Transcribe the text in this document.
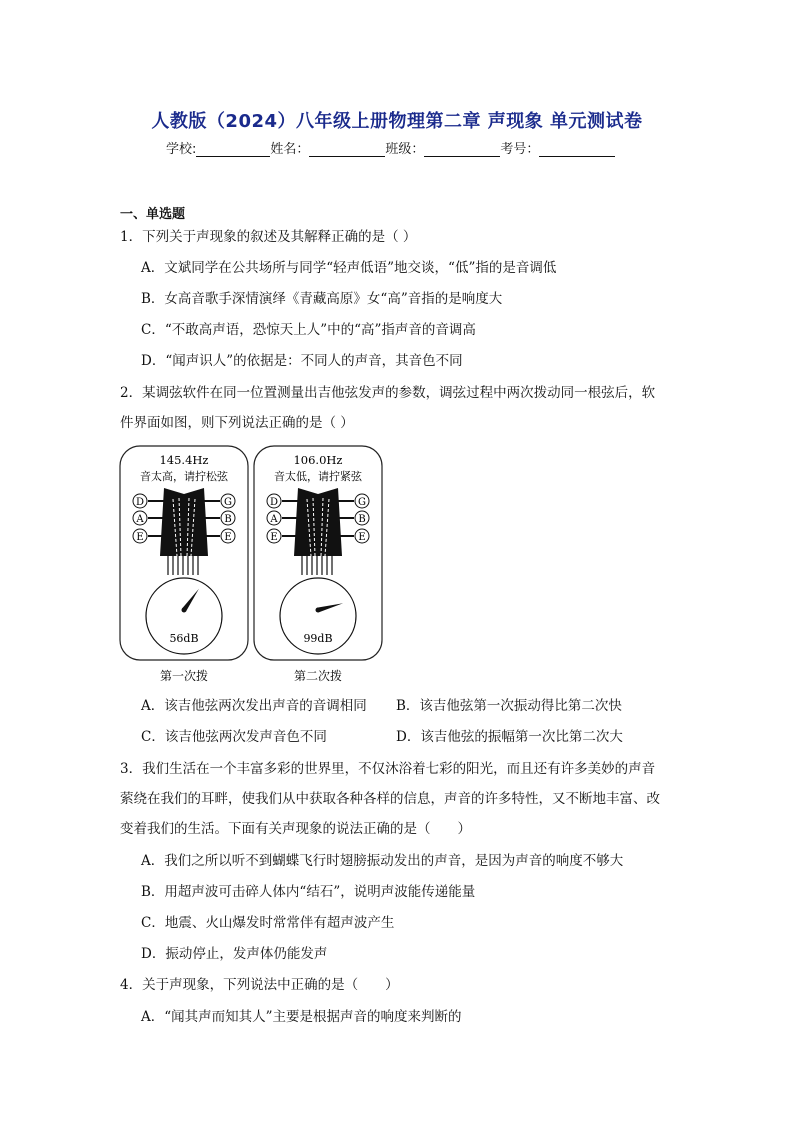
人教版（2024）八年级上册物理第二章 声现象 单元测试卷
学校:	姓名：	班级：	考号：
一、单选题
1．下列关于声现象的叙述及其解释正确的是（ ）
A．文斌同学在公共场所与同学“轻声低语”地交谈，“低”指的是音调低
B．女高音歌手深情演绎《青藏高原》女“高”音指的是响度大
C．“不敢高声语，恐惊天上人”中的“高”指声音的音调高
D．“闻声识人”的依据是：不同人的声音，其音色不同
2．某调弦软件在同一位置测量出吉他弦发声的参数，调弦过程中两次拨动同一根弦后，软
件界面如图，则下列说法正确的是（ ）
145.4Hz
音太高，请拧松弦
D
A
E
G
B
E
56dB
第一次拨
106.0Hz
音太低，请拧紧弦
D
A
E
G
B
E
99dB
第二次拨
A．该吉他弦两次发出声音的音调相同 B．该吉他弦第一次振动得比第二次快
C．该吉他弦两次发声音色不同	D．该吉他弦的振幅第一次比第二次大
3．我们生活在一个丰富多彩的世界里，不仅沐浴着七彩的阳光，而且还有许多美妙的声音
萦绕在我们的耳畔，使我们从中获取各种各样的信息，声音的许多特性，又不断地丰富、改
变着我们的生活。下面有关声现象的说法正确的是（　　）
A．我们之所以听不到蝴蝶飞行时翅膀振动发出的声音，是因为声音的响度不够大
B．用超声波可击碎人体内“结石”，说明声波能传递能量
C．地震、火山爆发时常常伴有超声波产生
D．振动停止，发声体仍能发声
4．关于声现象，下列说法中正确的是（　　）
A．“闻其声而知其人”主要是根据声音的响度来判断的
